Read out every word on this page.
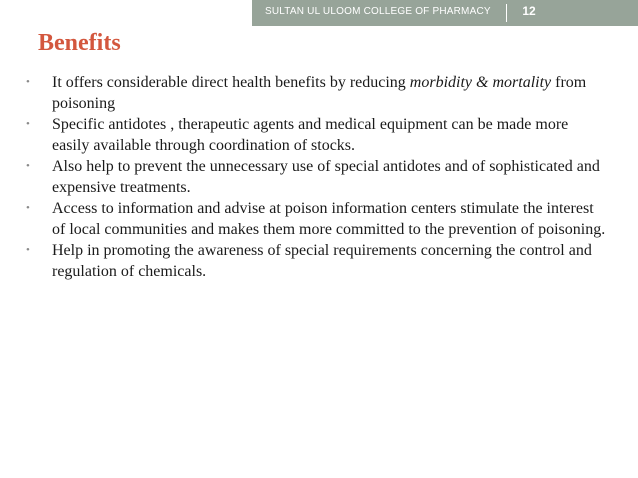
SULTAN UL ULOOM COLLEGE OF PHARMACY	12
Benefits
•	It offers considerable direct health benefits by reducing morbidity & mortality from poisoning
•	Specific antidotes , therapeutic agents and medical equipment can be made more easily available through coordination of stocks.
•	Also help to prevent the unnecessary use of special antidotes and of sophisticated and expensive treatments.
•	Access to information and advise at poison information centers stimulate the interest of local communities and makes them more committed to the prevention of poisoning.
•	Help in promoting the awareness of special requirements concerning the control and regulation of chemicals.
